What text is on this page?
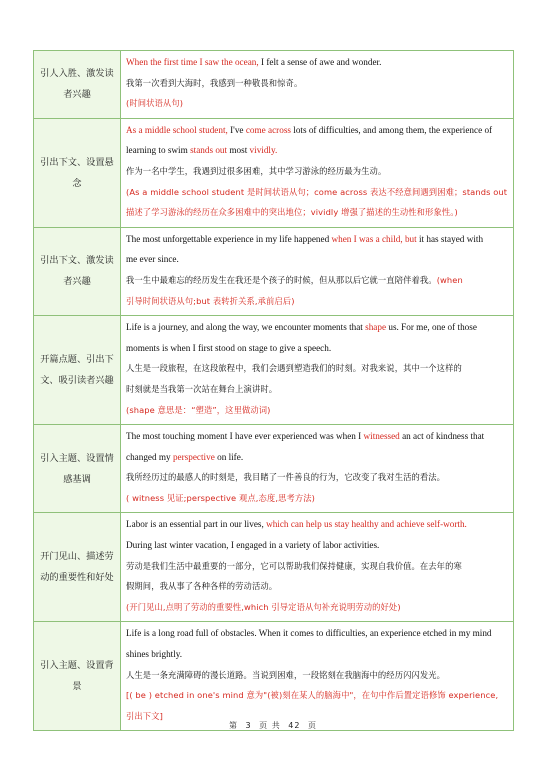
引人入胜、激发读者兴趣	When the first time I saw the ocean, I felt a sense of awe and wonder.
我第一次看到大海时，我感到一种敬畏和惊奇。
(时间状语从句)

引出下文、设置悬念	As a middle school student, I've come across lots of difficulties, and among them, the experience of
learning to swim stands out most vividly.
作为一名中学生，我遇到过很多困难，其中学习游泳的经历最为生动。
(As a middle school student 是时间状语从句；come across 表达不经意间遇到困难；stands out
描述了学习游泳的经历在众多困难中的突出地位；vividly 增强了描述的生动性和形象性。)

引出下文、激发读者兴趣	The most unforgettable experience in my life happened when I was a child, but it has stayed with
me ever since.
我一生中最难忘的经历发生在我还是个孩子的时候，但从那以后它就一直陪伴着我。(when
引导时间状语从句;but 表转折关系,承前启后)

开篇点题、引出下文、吸引读者兴趣	Life is a journey, and along the way, we encounter moments that shape us. For me, one of those
moments is when I first stood on stage to give a speech.
人生是一段旅程，在这段旅程中，我们会遇到塑造我们的时刻。对我来说，其中一个这样的
时刻就是当我第一次站在舞台上演讲时。
(shape 意思是：“塑造”，这里做动词)

引入主题、设置情感基调	The most touching moment I have ever experienced was when I witnessed an act of kindness that
changed my perspective on life.
我所经历过的最感人的时刻是，我目睹了一件善良的行为，它改变了我对生活的看法。
( witness 见证;perspective 观点,态度,思考方法)

开门见山、描述劳动的重要性和好处	Labor is an essential part in our lives, which can help us stay healthy and achieve self-worth.
During last winter vacation, I engaged in a variety of labor activities.
劳动是我们生活中最重要的一部分，它可以帮助我们保持健康，实现自我价值。在去年的寒
假期间，我从事了各种各样的劳动活动。
(开门见山,点明了劳动的重要性,which 引导定语从句补充说明劳动的好处)

引入主题、设置背景	Life is a long road full of obstacles. When it comes to difficulties, an experience etched in my mind
shines brightly.
人生是一条充满障碍的漫长道路。当说到困难，一段铭刻在我脑海中的经历闪闪发光。
[( be ) etched in one's mind 意为"(被)刻在某人的脑海中"，在句中作后置定语修饰 experience,
引出下文]
第 3 页 共 42 页
